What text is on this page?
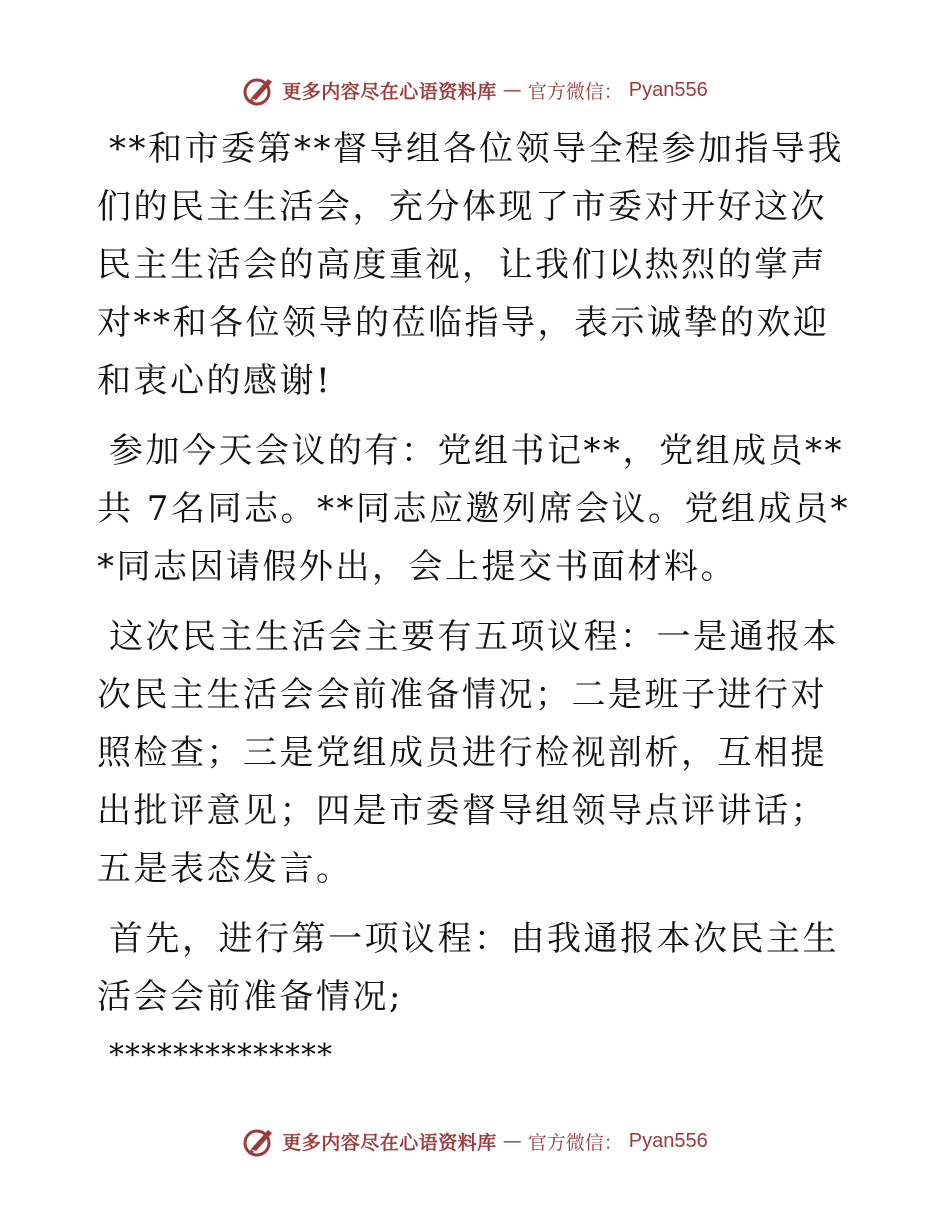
更多内容尽在心语资料库 — 官方微信： Pyan556

**和市委第**督导组各位领导全程参加指导我们的民主生活会，充分体现了市委对开好这次民主生活会的高度重视，让我们以热烈的掌声对**和各位领导的莅临指导，表示诚挚的欢迎和衷心的感谢!

参加今天会议的有：党组书记**，党组成员**共 7名同志。**同志应邀列席会议。党组成员**同志因请假外出，会上提交书面材料。

这次民主生活会主要有五项议程：一是通报本次民主生活会会前准备情况；二是班子进行对照检查；三是党组成员进行检视剖析，互相提出批评意见；四是市委督导组领导点评讲话；五是表态发言。

首先，进行第一项议程：由我通报本次民主生活会会前准备情况;

**************
更多内容尽在心语资料库 — 官方微信： Pyan556
